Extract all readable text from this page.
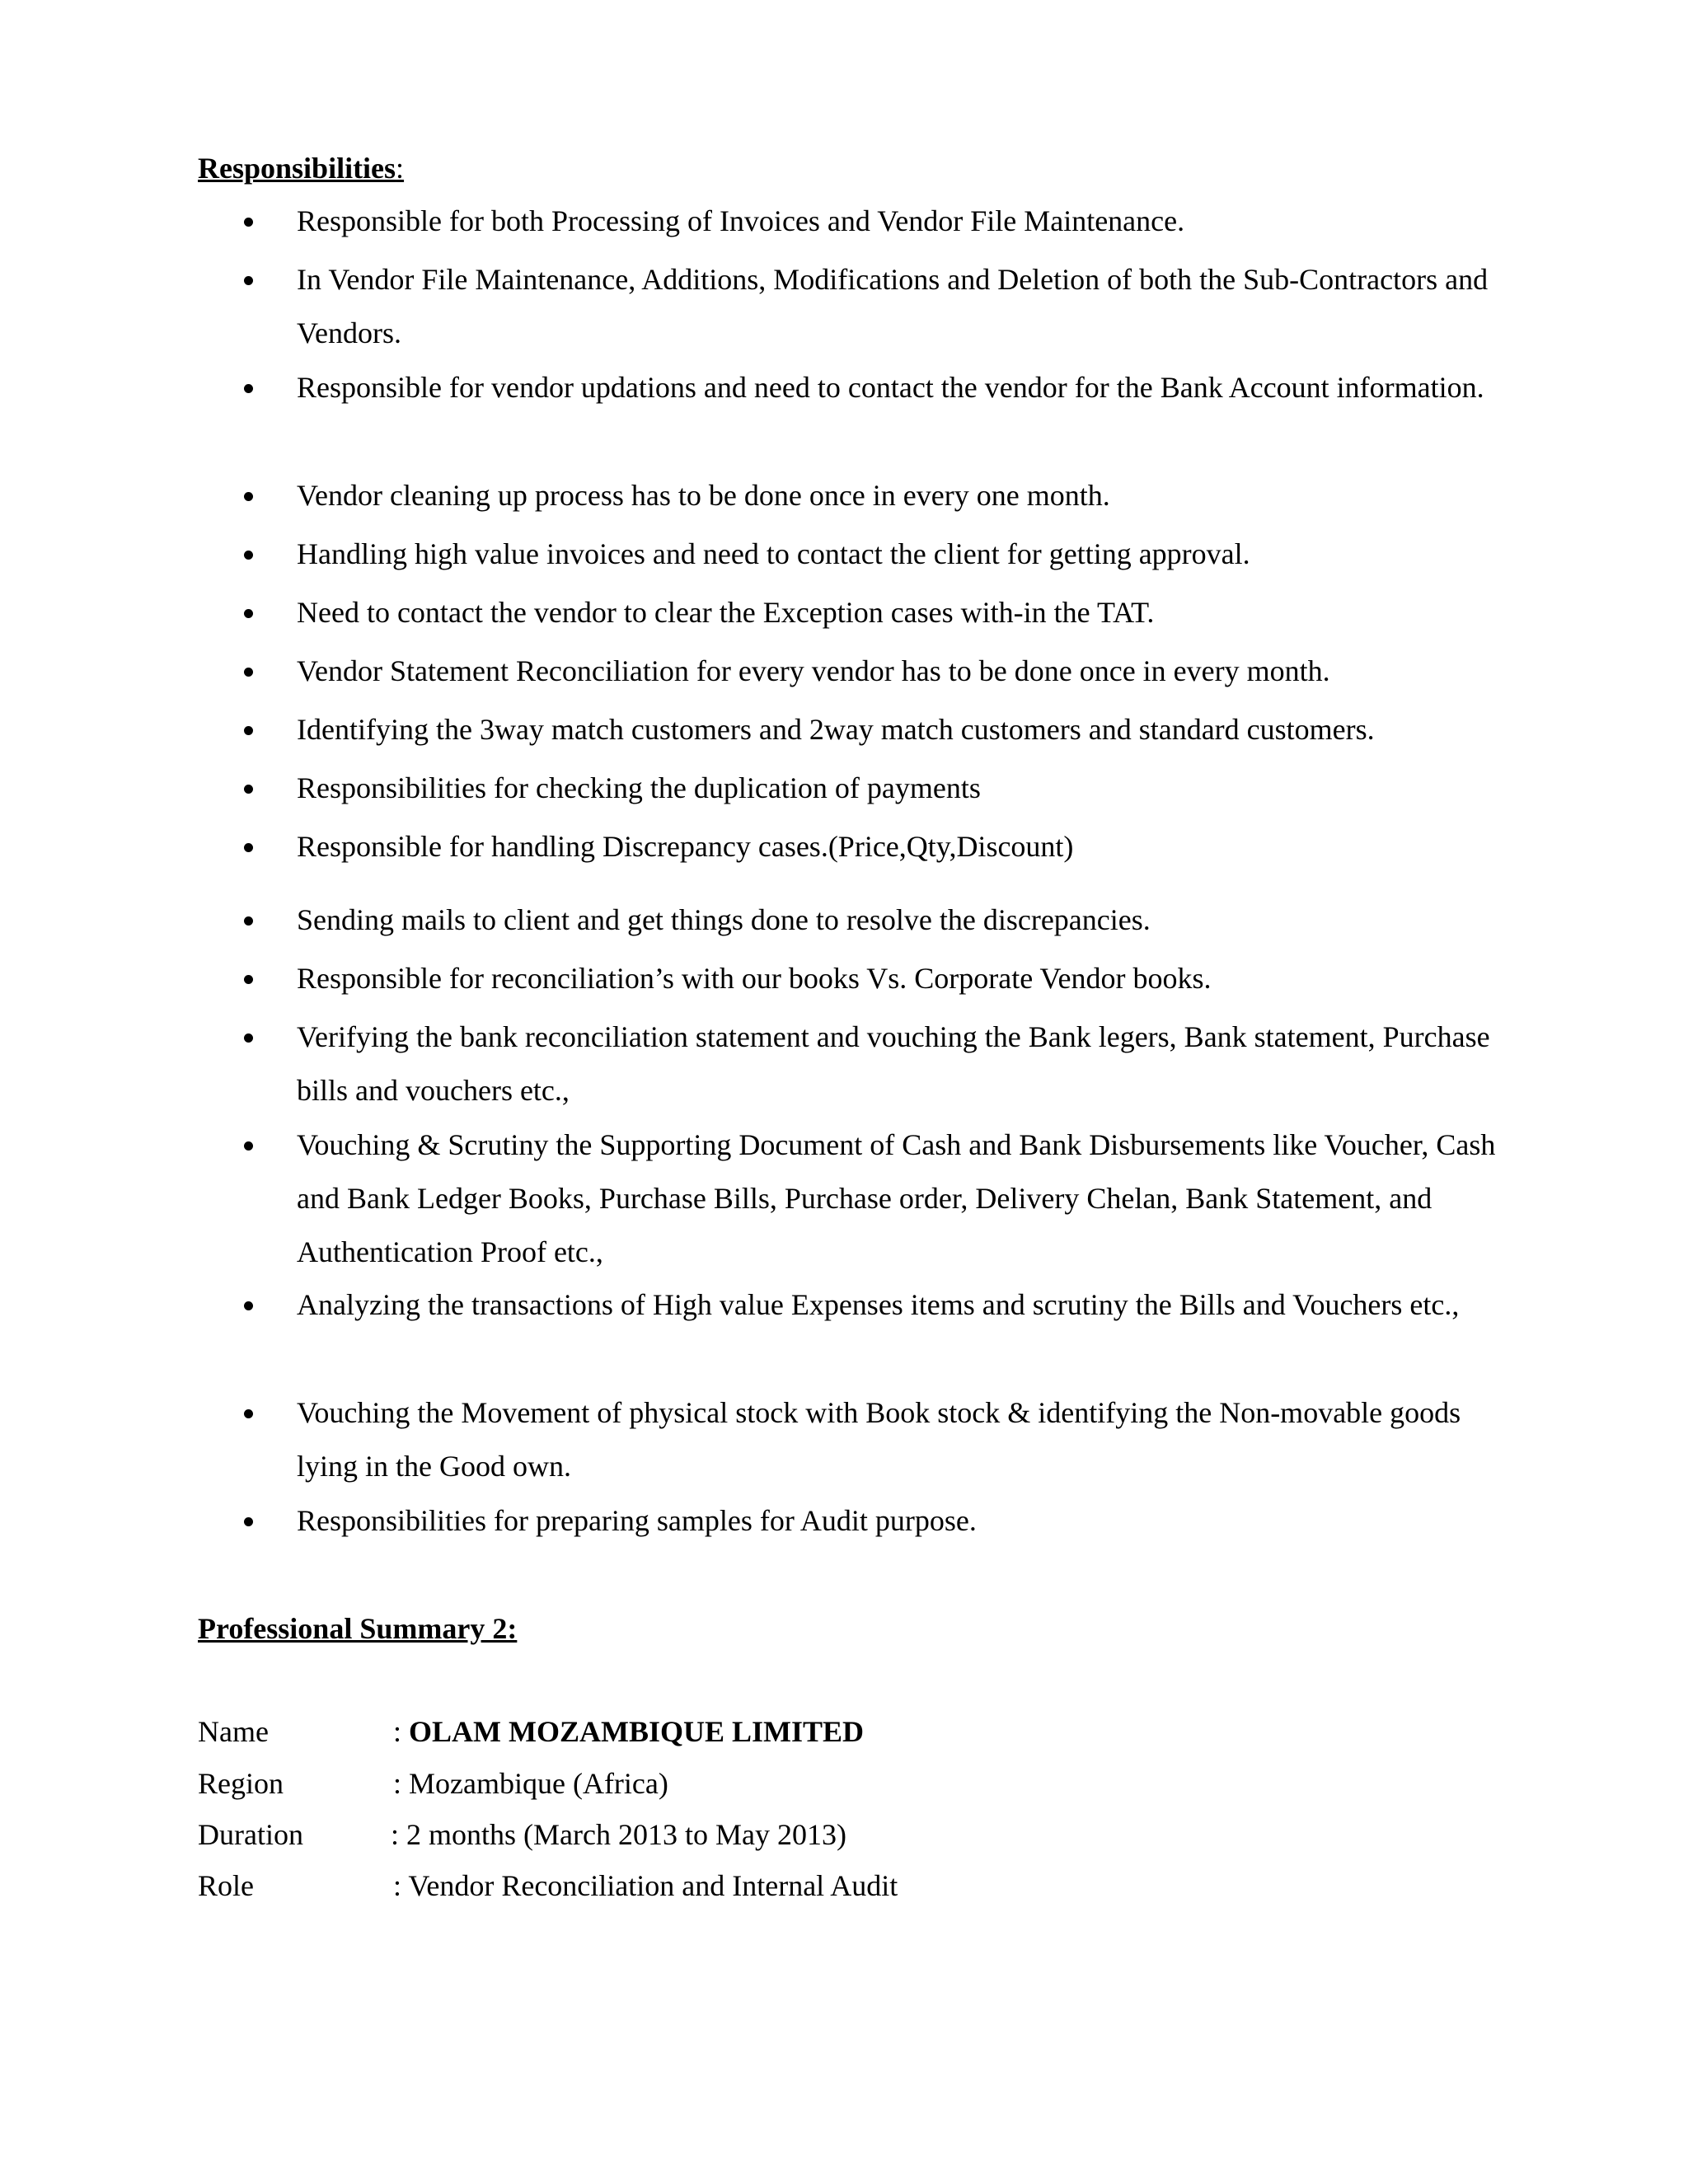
Responsibilities:
Responsible for both Processing of Invoices and Vendor File Maintenance.
In Vendor File Maintenance, Additions, Modifications and Deletion of both the Sub-Contractors and Vendors.
Responsible for vendor updations and need to contact the vendor for the Bank Account information.
Vendor cleaning up process has to be done once in every one month.
Handling high value invoices and need to contact the client for getting approval.
Need to contact the vendor to clear the Exception cases with-in the TAT.
Vendor Statement Reconciliation for every vendor has to be done once in every month.
Identifying the 3way match customers and 2way match customers and standard customers.
Responsibilities for checking the duplication of payments
Responsible for handling Discrepancy cases.(Price,Qty,Discount)
Sending mails to client and get things done to resolve the discrepancies.
Responsible for reconciliation’s with our books Vs. Corporate Vendor books.
Verifying the bank reconciliation statement and vouching the Bank legers, Bank statement, Purchase bills and vouchers etc.,
Vouching & Scrutiny the Supporting Document of Cash and Bank Disbursements like Voucher, Cash and Bank Ledger Books, Purchase Bills, Purchase order, Delivery Chelan, Bank Statement, and Authentication Proof etc.,
Analyzing the transactions of High value Expenses items and scrutiny the Bills and Vouchers etc.,
Vouching the Movement of physical stock with Book stock & identifying the Non-movable goods lying in the Good own.
Responsibilities for preparing samples for Audit purpose.
Professional Summary 2:
Name	: OLAM MOZAMBIQUE LIMITED
Region	: Mozambique (Africa)
Duration	: 2 months (March 2013 to May 2013)
Role	: Vendor Reconciliation and Internal Audit
